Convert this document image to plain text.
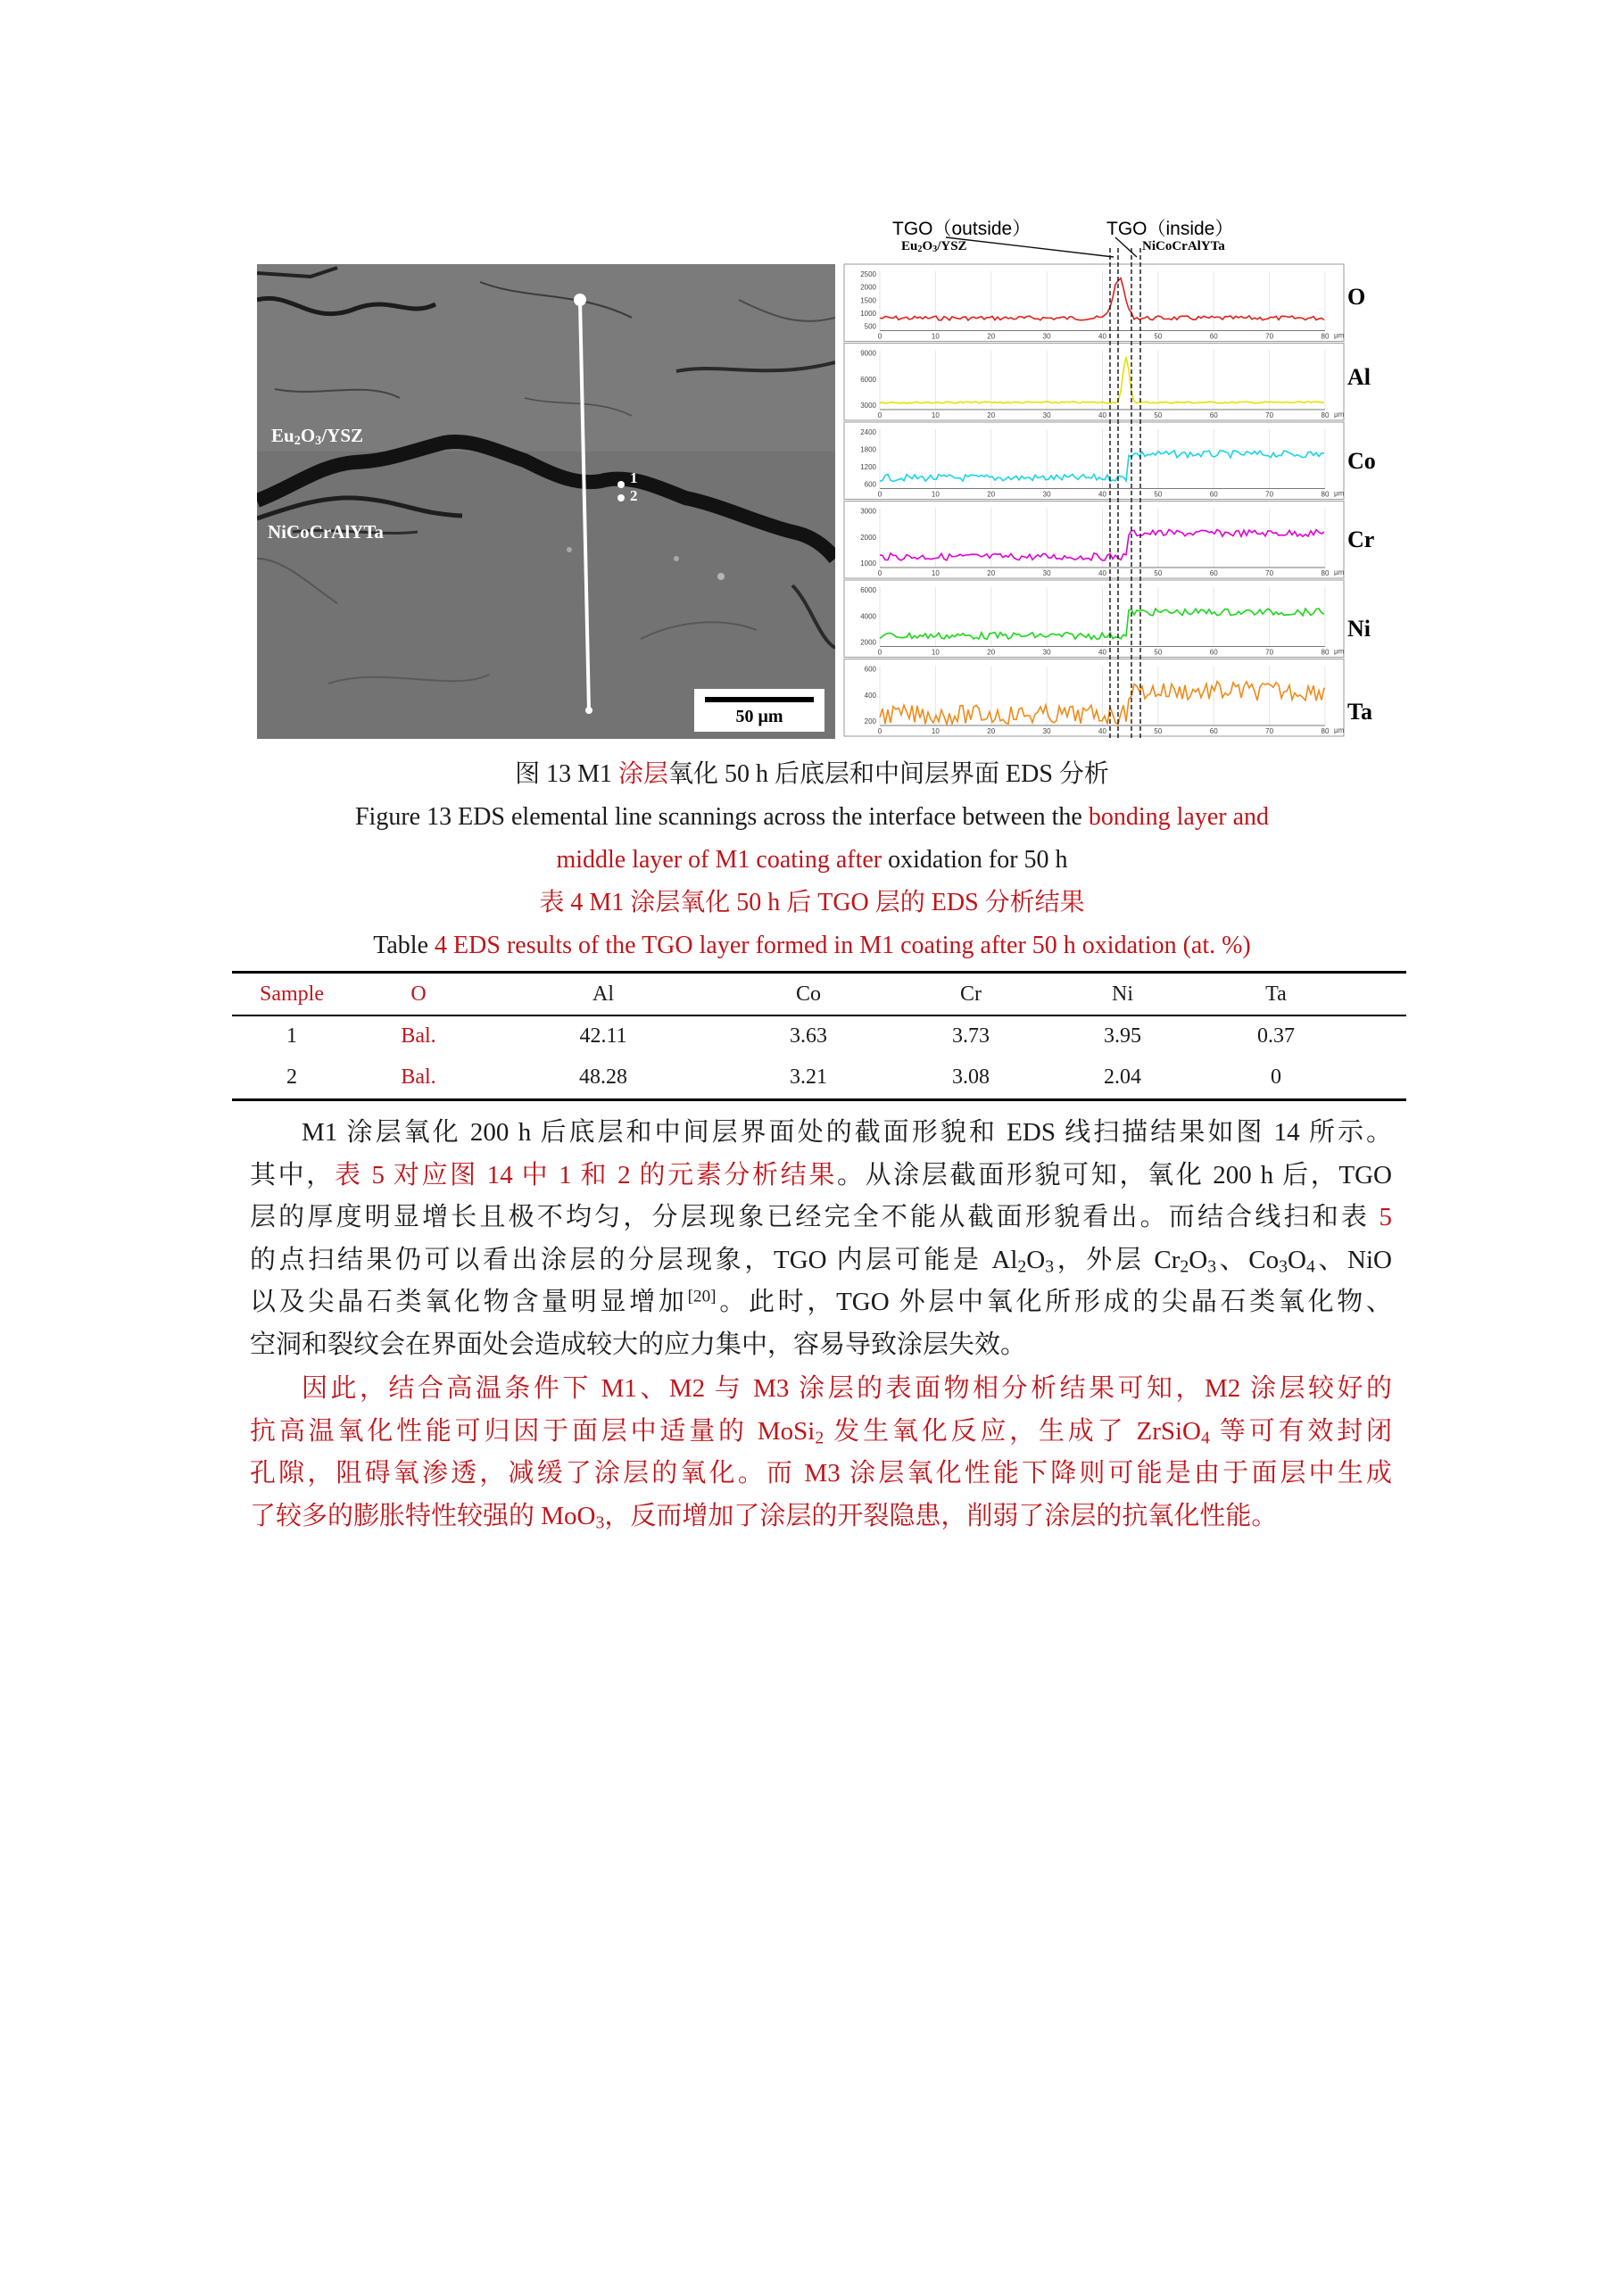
$Eu_2O_3$/YSZ
NiCoCrAlYTa
1
2
50 μm
TGO（outside）	TGO（inside）
$Eu_2O_3$/YSZ	NiCoCrAlYTa
2500
2000
1500
1000
500
0	10	20	30	40	50	60	70	80 μm
9000
6000
3000
0	10	20	30	40	50	60	70	80 μm
2400
1800
1200
600
0	10	20	30	40	50	60	70	80 μm
3000
2000
1000
0	10	20	30	40	50	60	70	80 μm
6000
4000
2000
0	10	20	30	40	50	60	70	80 μm
600
400
200
0	10	20	30	40	50	60	70	80 μm
O
Al
Co
Cr
Ni
Ta
图 13 M1 涂层氧化 50 h 后底层和中间层界面 EDS 分析
Figure 13 EDS elemental line scannings across the interface between the bonding layer and
middle layer of M1 coating after oxidation for 50 h
表 4 M1 涂层氧化 50 h 后 TGO 层的 EDS 分析结果
Table 4 EDS results of the TGO layer formed in M1 coating after 50 h oxidation (at. %)
Sample	O	Al	Co	Cr	Ni	Ta
1	Bal.	42.11	3.63	3.73	3.95	0.37
2	Bal.	48.28	3.21	3.08	2.04	0
M1 涂层氧化 200 h 后底层和中间层界面处的截面形貌和 EDS 线扫描结果如图 14 所示。
其中，表 5 对应图 14 中 1 和 2 的元素分析结果。从涂层截面形貌可知，氧化 200 h 后，TGO
层的厚度明显增长且极不均匀，分层现象已经完全不能从截面形貌看出。而结合线扫和表 5
的点扫结果仍可以看出涂层的分层现象，TGO 内层可能是 $Al_2O_3$，外层 $Cr_2O_3$、$Co_3O_4$、NiO
以及尖晶石类氧化物含量明显增加[20]。此时，TGO 外层中氧化所形成的尖晶石类氧化物、
空洞和裂纹会在界面处会造成较大的应力集中，容易导致涂层失效。
因此，结合高温条件下 M1、M2 与 M3 涂层的表面物相分析结果可知，M2 涂层较好的
抗高温氧化性能可归因于面层中适量的 MoSi$_2$ 发生氧化反应，生成了 ZrSiO$_4$ 等可有效封闭
孔隙，阻碍氧渗透，减缓了涂层的氧化。而 M3 涂层氧化性能下降则可能是由于面层中生成
了较多的膨胀特性较强的 MoO$_3$，反而增加了涂层的开裂隐患，削弱了涂层的抗氧化性能。
